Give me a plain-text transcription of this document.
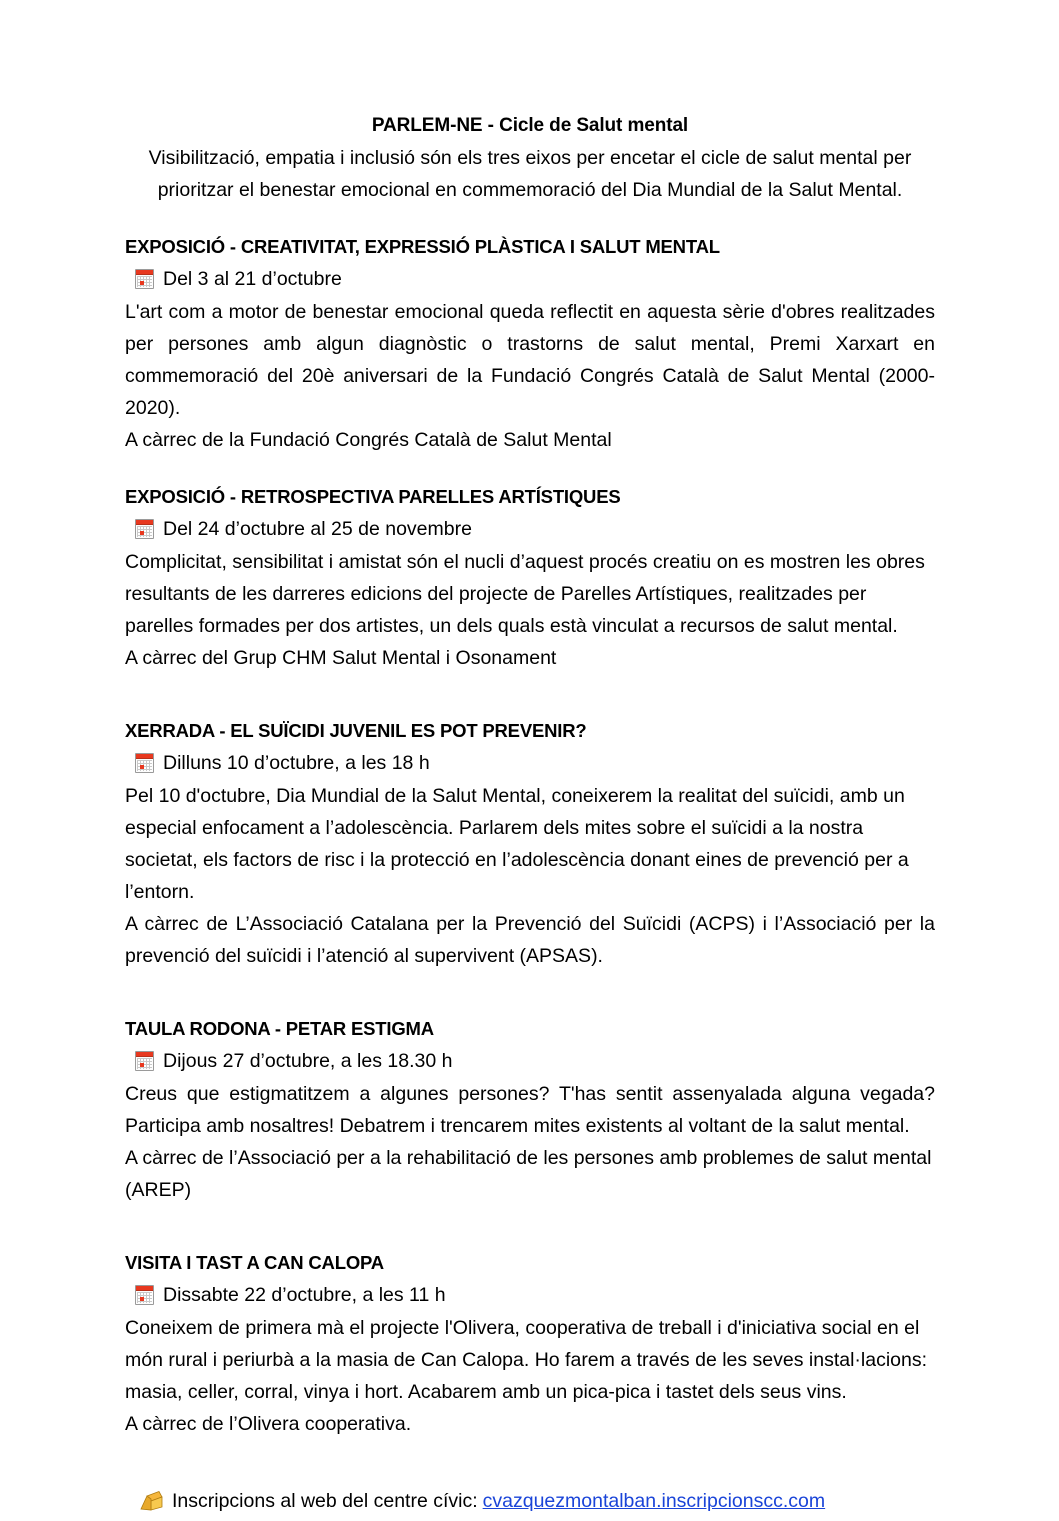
PARLEM-NE - Cicle de Salut mental

Visibilització, empatia i inclusió són els tres eixos per encetar el cicle de salut mental per prioritzar el benestar emocional en commemoració del Dia Mundial de la Salut Mental.

EXPOSICIÓ - CREATIVITAT, EXPRESSIÓ PLÀSTICA I SALUT MENTAL
Del 3 al 21 d’octubre

L'art com a motor de benestar emocional queda reflectit en aquesta sèrie d'obres realitzades per persones amb algun diagnòstic o trastorns de salut mental, Premi Xarxart en commemoració del 20è aniversari de la Fundació Congrés Català de Salut Mental (2000-2020).

A càrrec de la Fundació Congrés Català de Salut Mental

EXPOSICIÓ - RETROSPECTIVA PARELLES ARTÍSTIQUES
Del 24 d’octubre al 25 de novembre

Complicitat, sensibilitat i amistat són el nucli d’aquest procés creatiu on es mostren les obres resultants de les darreres edicions del projecte de Parelles Artístiques, realitzades per parelles formades per dos artistes, un dels quals està vinculat a recursos de salut mental.

A càrrec del Grup CHM Salut Mental i Osonament

XERRADA - EL SUÏCIDI JUVENIL ES POT PREVENIR?
Dilluns 10 d’octubre, a les 18 h

Pel 10 d'octubre, Dia Mundial de la Salut Mental, coneixerem la realitat del suïcidi, amb un especial enfocament a l’adolescència. Parlarem dels mites sobre el suïcidi a la nostra societat, els factors de risc i la protecció en l’adolescència donant eines de prevenció per a l’entorn.

A càrrec de L’Associació Catalana per la Prevenció del Suïcidi (ACPS) i l’Associació per la prevenció del suïcidi i l’atenció al supervivent (APSAS).

TAULA RODONA - PETAR ESTIGMA
Dijous 27 d’octubre, a les 18.30 h

Creus que estigmatitzem a algunes persones? T'has sentit assenyalada alguna vegada? Participa amb nosaltres! Debatrem i trencarem mites existents al voltant de la salut mental.

A càrrec de l’Associació per a la rehabilitació de les persones amb problemes de salut mental (AREP)

VISITA I TAST A CAN CALOPA
Dissabte 22 d’octubre, a les 11 h

Coneixem de primera mà el projecte l'Olivera, cooperativa de treball i d'iniciativa social en el món rural i periurbà a la masia de Can Calopa. Ho farem a través de les seves instal·lacions: masia, celler, corral, vinya i hort. Acabarem amb un pica-pica i tastet dels seus vins.

A càrrec de l’Olivera cooperativa.

Inscripcions al web del centre cívic: cvazquezmontalban.inscripcionscc.com
